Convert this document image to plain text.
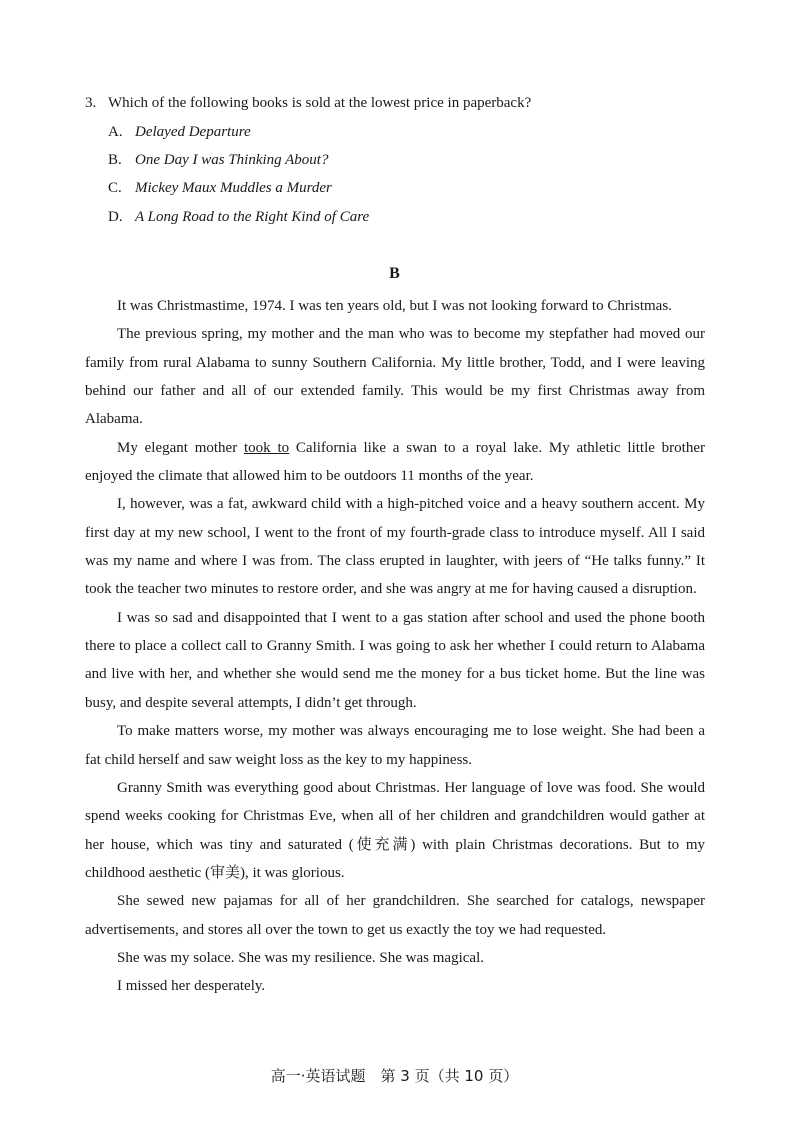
3. Which of the following books is sold at the lowest price in paperback?
A. Delayed Departure
B. One Day I was Thinking About?
C. Mickey Maux Muddles a Murder
D. A Long Road to the Right Kind of Care
B

It was Christmastime, 1974. I was ten years old, but I was not looking forward to Christmas.

The previous spring, my mother and the man who was to become my stepfather had moved our family from rural Alabama to sunny Southern California. My little brother, Todd, and I were leaving behind our father and all of our extended family. This would be my first Christmas away from Alabama.

My elegant mother took to California like a swan to a royal lake. My athletic little brother enjoyed the climate that allowed him to be outdoors 11 months of the year.

I, however, was a fat, awkward child with a high-pitched voice and a heavy southern accent. My first day at my new school, I went to the front of my fourth-grade class to introduce myself. All I said was my name and where I was from. The class erupted in laughter, with jeers of “He talks funny.” It took the teacher two minutes to restore order, and she was angry at me for having caused a disruption.

I was so sad and disappointed that I went to a gas station after school and used the phone booth there to place a collect call to Granny Smith. I was going to ask her whether I could return to Alabama and live with her, and whether she would send me the money for a bus ticket home. But the line was busy, and despite several attempts, I didn’t get through.

To make matters worse, my mother was always encouraging me to lose weight. She had been a fat child herself and saw weight loss as the key to my happiness.

Granny Smith was everything good about Christmas. Her language of love was food. She would spend weeks cooking for Christmas Eve, when all of her children and grandchildren would gather at her house, which was tiny and saturated (使充满) with plain Christmas decorations. But to my childhood aesthetic (审美), it was glorious.

She sewed new pajamas for all of her grandchildren. She searched for catalogs, newspaper advertisements, and stores all over the town to get us exactly the toy we had requested.

She was my solace. She was my resilience. She was magical.

I missed her desperately.

高一·英语试题　第 3 页（共 10 页）
